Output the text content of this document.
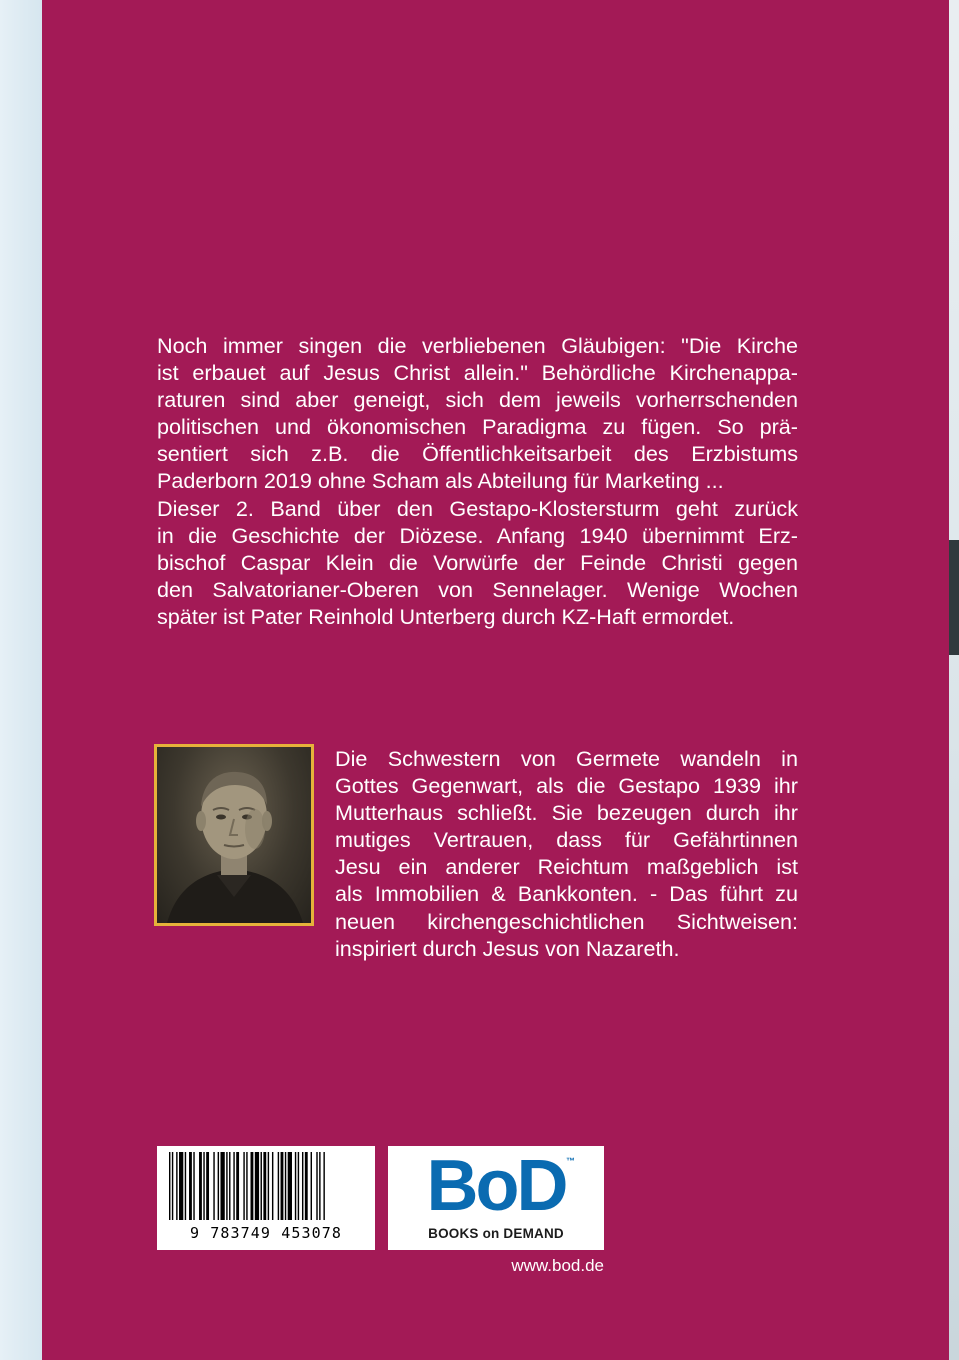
Noch immer singen die verbliebenen Gläubigen: "Die Kirche

ist erbauet auf Jesus Christ allein." Behördliche Kirchenappa-

raturen sind aber geneigt, sich dem jeweils vorherrschenden

politischen und ökonomischen Paradigma zu fügen. So prä-

sentiert sich z.B. die Öffentlichkeitsarbeit des Erzbistums

Paderborn 2019 ohne Scham als Abteilung für Marketing ...

Dieser 2. Band über den Gestapo-Klostersturm geht zurück

in die Geschichte der Diözese. Anfang 1940 übernimmt Erz-

bischof Caspar Klein die Vorwürfe der Feinde Christi gegen

den Salvatorianer-Oberen von Sennelager. Wenige Wochen

später ist Pater Reinhold Unterberg durch KZ-Haft ermordet.

Die Schwestern von Germete wandeln in

Gottes Gegenwart, als die Gestapo 1939 ihr

Mutterhaus schließt. Sie bezeugen durch ihr

mutiges Vertrauen, dass für Gefährtinnen

Jesu ein anderer Reichtum maßgeblich ist

als Immobilien & Bankkonten. - Das führt zu

neuen kirchengeschichtlichen Sichtweisen:

inspiriert durch Jesus von Nazareth.

9 783749 453078
BoD ™
BOOKS on DEMAND
www.bod.de
